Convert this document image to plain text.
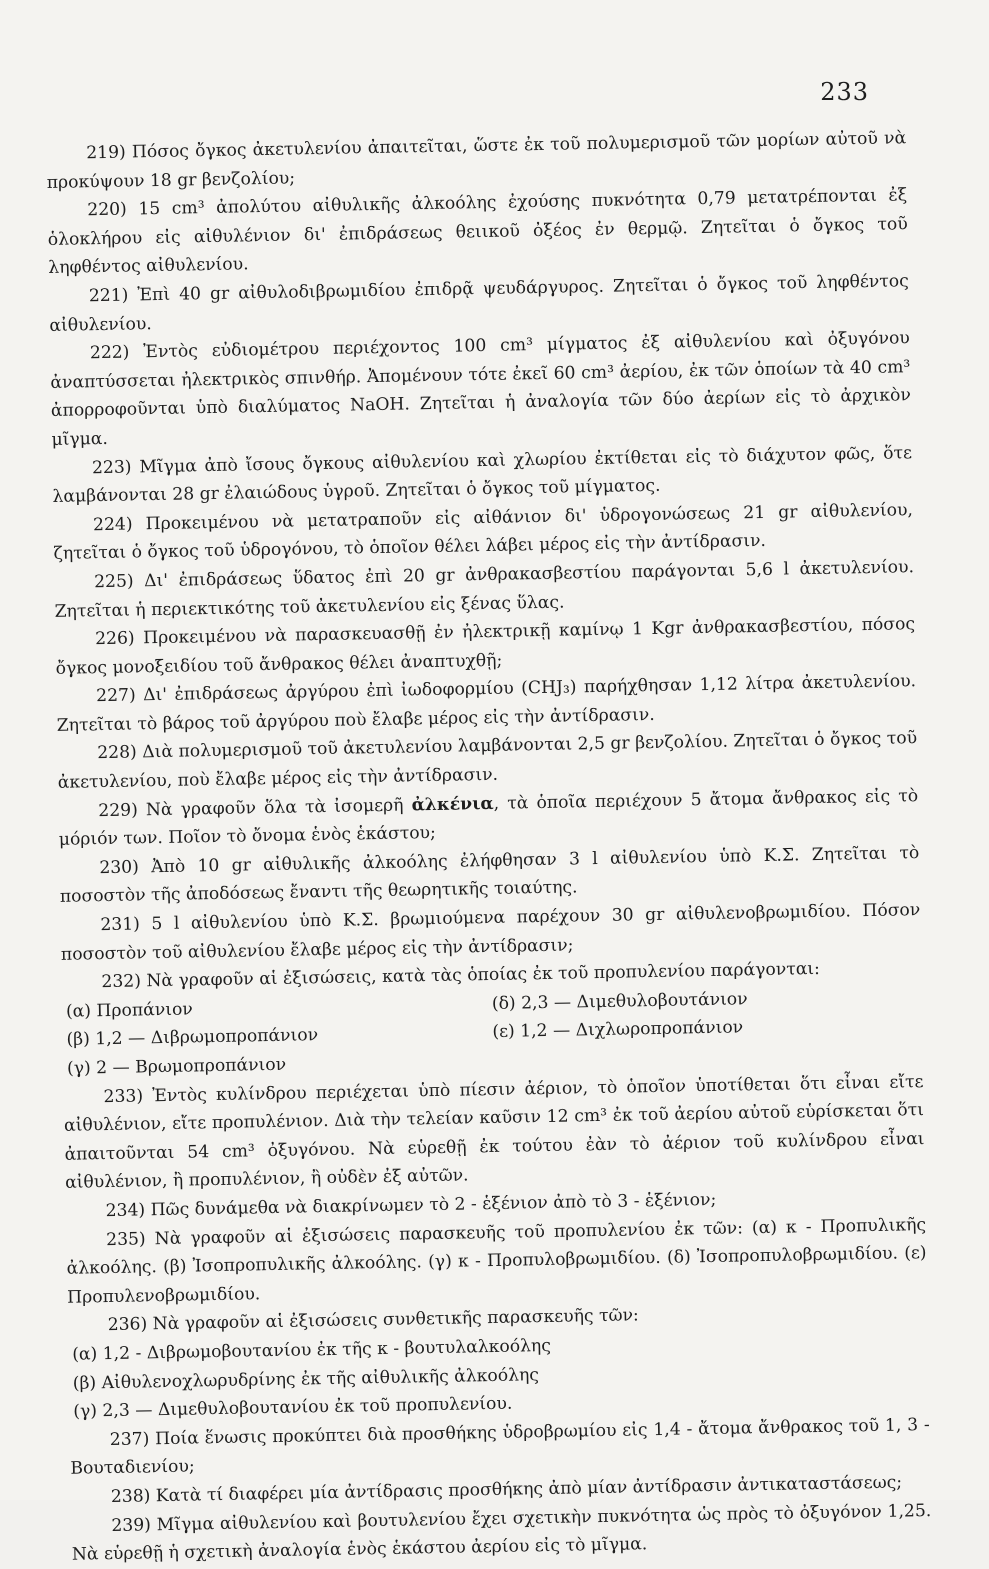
233

219) Πόσος ὄγκος ἀκετυλενίου ἀπαιτεῖται, ὥστε ἐκ τοῦ πολυμερισμοῦ τῶν μορίων αὐτοῦ νὰ προκύψουν 18 gr βενζολίου;

220) 15 cm³ ἀπολύτου αἰθυλικῆς ἀλκοόλης ἐχούσης πυκνότητα 0,79 μετατρέπονται ἐξ ὁλοκλήρου εἰς αἰθυλένιον δι' ἐπιδράσεως θειικοῦ ὀξέος ἐν θερμῷ. Ζητεῖται ὁ ὄγκος τοῦ ληφθέντος αἰθυλενίου.

221) Ἐπὶ 40 gr αἰθυλοδιβρωμιδίου ἐπιδρᾷ ψευδάργυρος. Ζητεῖται ὁ ὄγκος τοῦ ληφθέντος αἰθυλενίου.

222) Ἐντὸς εὐδιομέτρου περιέχοντος 100 cm³ μίγματος ἐξ αἰθυλενίου καὶ ὀξυγόνου ἀναπτύσσεται ἠλεκτρικὸς σπινθήρ. Ἀπομένουν τότε ἐκεῖ 60 cm³ ἀερίου, ἐκ τῶν ὁποίων τὰ 40 cm³ ἀπορροφοῦνται ὑπὸ διαλύματος NaOH. Ζητεῖται ἡ ἀναλογία τῶν δύο ἀερίων εἰς τὸ ἀρχικὸν μῖγμα.

223) Μῖγμα ἀπὸ ἴσους ὄγκους αἰθυλενίου καὶ χλωρίου ἐκτίθεται εἰς τὸ διάχυτον φῶς, ὅτε λαμβάνονται 28 gr ἐλαιώδους ὑγροῦ. Ζητεῖται ὁ ὄγκος τοῦ μίγματος.

224) Προκειμένου νὰ μετατραποῦν εἰς αἰθάνιον δι' ὑδρογονώσεως 21 gr αἰθυλενίου, ζητεῖται ὁ ὄγκος τοῦ ὑδρογόνου, τὸ ὁποῖον θέλει λάβει μέρος εἰς τὴν ἀντίδρασιν.

225) Δι' ἐπιδράσεως ὕδατος ἐπὶ 20 gr ἀνθρακασβεστίου παράγονται 5,6 l ἀκετυλενίου. Ζητεῖται ἡ περιεκτικότης τοῦ ἀκετυλενίου εἰς ξένας ὕλας.

226) Προκειμένου νὰ παρασκευασθῇ ἐν ἠλεκτρικῇ καμίνῳ 1 Kgr ἀνθρακασβεστίου, πόσος ὄγκος μονοξειδίου τοῦ ἄνθρακος θέλει ἀναπτυχθῇ;

227) Δι' ἐπιδράσεως ἀργύρου ἐπὶ ἰωδοφορμίου (CHJ₃) παρήχθησαν 1,12 λίτρα ἀκετυλενίου. Ζητεῖται τὸ βάρος τοῦ ἀργύρου ποὺ ἔλαβε μέρος εἰς τὴν ἀντίδρασιν.

228) Διὰ πολυμερισμοῦ τοῦ ἀκετυλενίου λαμβάνονται 2,5 gr βενζολίου. Ζητεῖται ὁ ὄγκος τοῦ ἀκετυλενίου, ποὺ ἔλαβε μέρος εἰς τὴν ἀντίδρασιν.

229) Νὰ γραφοῦν ὅλα τὰ ἰσομερῆ ἀλκένια, τὰ ὁποῖα περιέχουν 5 ἄτομα ἄνθρακος εἰς τὸ μόριόν των. Ποῖον τὸ ὄνομα ἑνὸς ἑκάστου;

230) Ἀπὸ 10 gr αἰθυλικῆς ἀλκοόλης ἐλήφθησαν 3 l αἰθυλενίου ὑπὸ Κ.Σ. Ζητεῖται τὸ ποσοστὸν τῆς ἀποδόσεως ἔναντι τῆς θεωρητικῆς τοιαύτης.

231) 5 l αἰθυλενίου ὑπὸ Κ.Σ. βρωμιούμενα παρέχουν 30 gr αἰθυλενοβρωμιδίου. Πόσον ποσοστὸν τοῦ αἰθυλενίου ἔλαβε μέρος εἰς τὴν ἀντίδρασιν;

232) Νὰ γραφοῦν αἱ ἐξισώσεις, κατὰ τὰς ὁποίας ἐκ τοῦ προπυλενίου παράγονται:

(α) Προπάνιον

(β) 1,2 — Διβρωμοπροπάνιον

(γ) 2 — Βρωμοπροπάνιον

(δ) 2,3 — Διμεθυλοβουτάνιον

(ε) 1,2 — Διχλωροπροπάνιον

233) Ἐντὸς κυλίνδρου περιέχεται ὑπὸ πίεσιν ἀέριον, τὸ ὁποῖον ὑποτίθεται ὅτι εἶναι εἴτε αἰθυλένιον, εἴτε προπυλένιον. Διὰ τὴν τελείαν καῦσιν 12 cm³ ἐκ τοῦ ἀερίου αὐτοῦ εὑρίσκεται ὅτι ἀπαιτοῦνται 54 cm³ ὀξυγόνου. Νὰ εὑρεθῇ ἐκ τούτου ἐὰν τὸ ἀέριον τοῦ κυλίνδρου εἶναι αἰθυλένιον, ἢ προπυλένιον, ἢ οὐδὲν ἐξ αὐτῶν.

234) Πῶς δυνάμεθα νὰ διακρίνωμεν τὸ 2 - ἑξένιον ἀπὸ τὸ 3 - ἑξένιον;

235) Νὰ γραφοῦν αἱ ἐξισώσεις παρασκευῆς τοῦ προπυλενίου ἐκ τῶν: (α) κ - Προπυλικῆς ἀλκοόλης. (β) Ἰσοπροπυλικῆς ἀλκοόλης. (γ) κ - Προπυλοβρωμιδίου. (δ) Ἰσοπροπυλοβρωμιδίου. (ε) Προπυλενοβρωμιδίου.

236) Νὰ γραφοῦν αἱ ἐξισώσεις συνθετικῆς παρασκευῆς τῶν:

(α) 1,2 - Διβρωμοβουτανίου ἐκ τῆς κ - βουτυλαλκοόλης

(β) Αἰθυλενοχλωρυδρίνης ἐκ τῆς αἰθυλικῆς ἀλκοόλης

(γ) 2,3 — Διμεθυλοβουτανίου ἐκ τοῦ προπυλενίου.

237) Ποία ἕνωσις προκύπτει διὰ προσθήκης ὑδροβρωμίου εἰς 1,4 - ἄτομα ἄνθρακος τοῦ 1, 3 - Βουταδιενίου;

238) Κατὰ τί διαφέρει μία ἀντίδρασις προσθήκης ἀπὸ μίαν ἀντίδρασιν ἀντικαταστάσεως;

239) Μῖγμα αἰθυλενίου καὶ βουτυλενίου ἔχει σχετικὴν πυκνότητα ὡς πρὸς τὸ ὀξυγόνον 1,25. Νὰ εὑρεθῇ ἡ σχετικὴ ἀναλογία ἑνὸς ἑκάστου ἀερίου εἰς τὸ μῖγμα.
